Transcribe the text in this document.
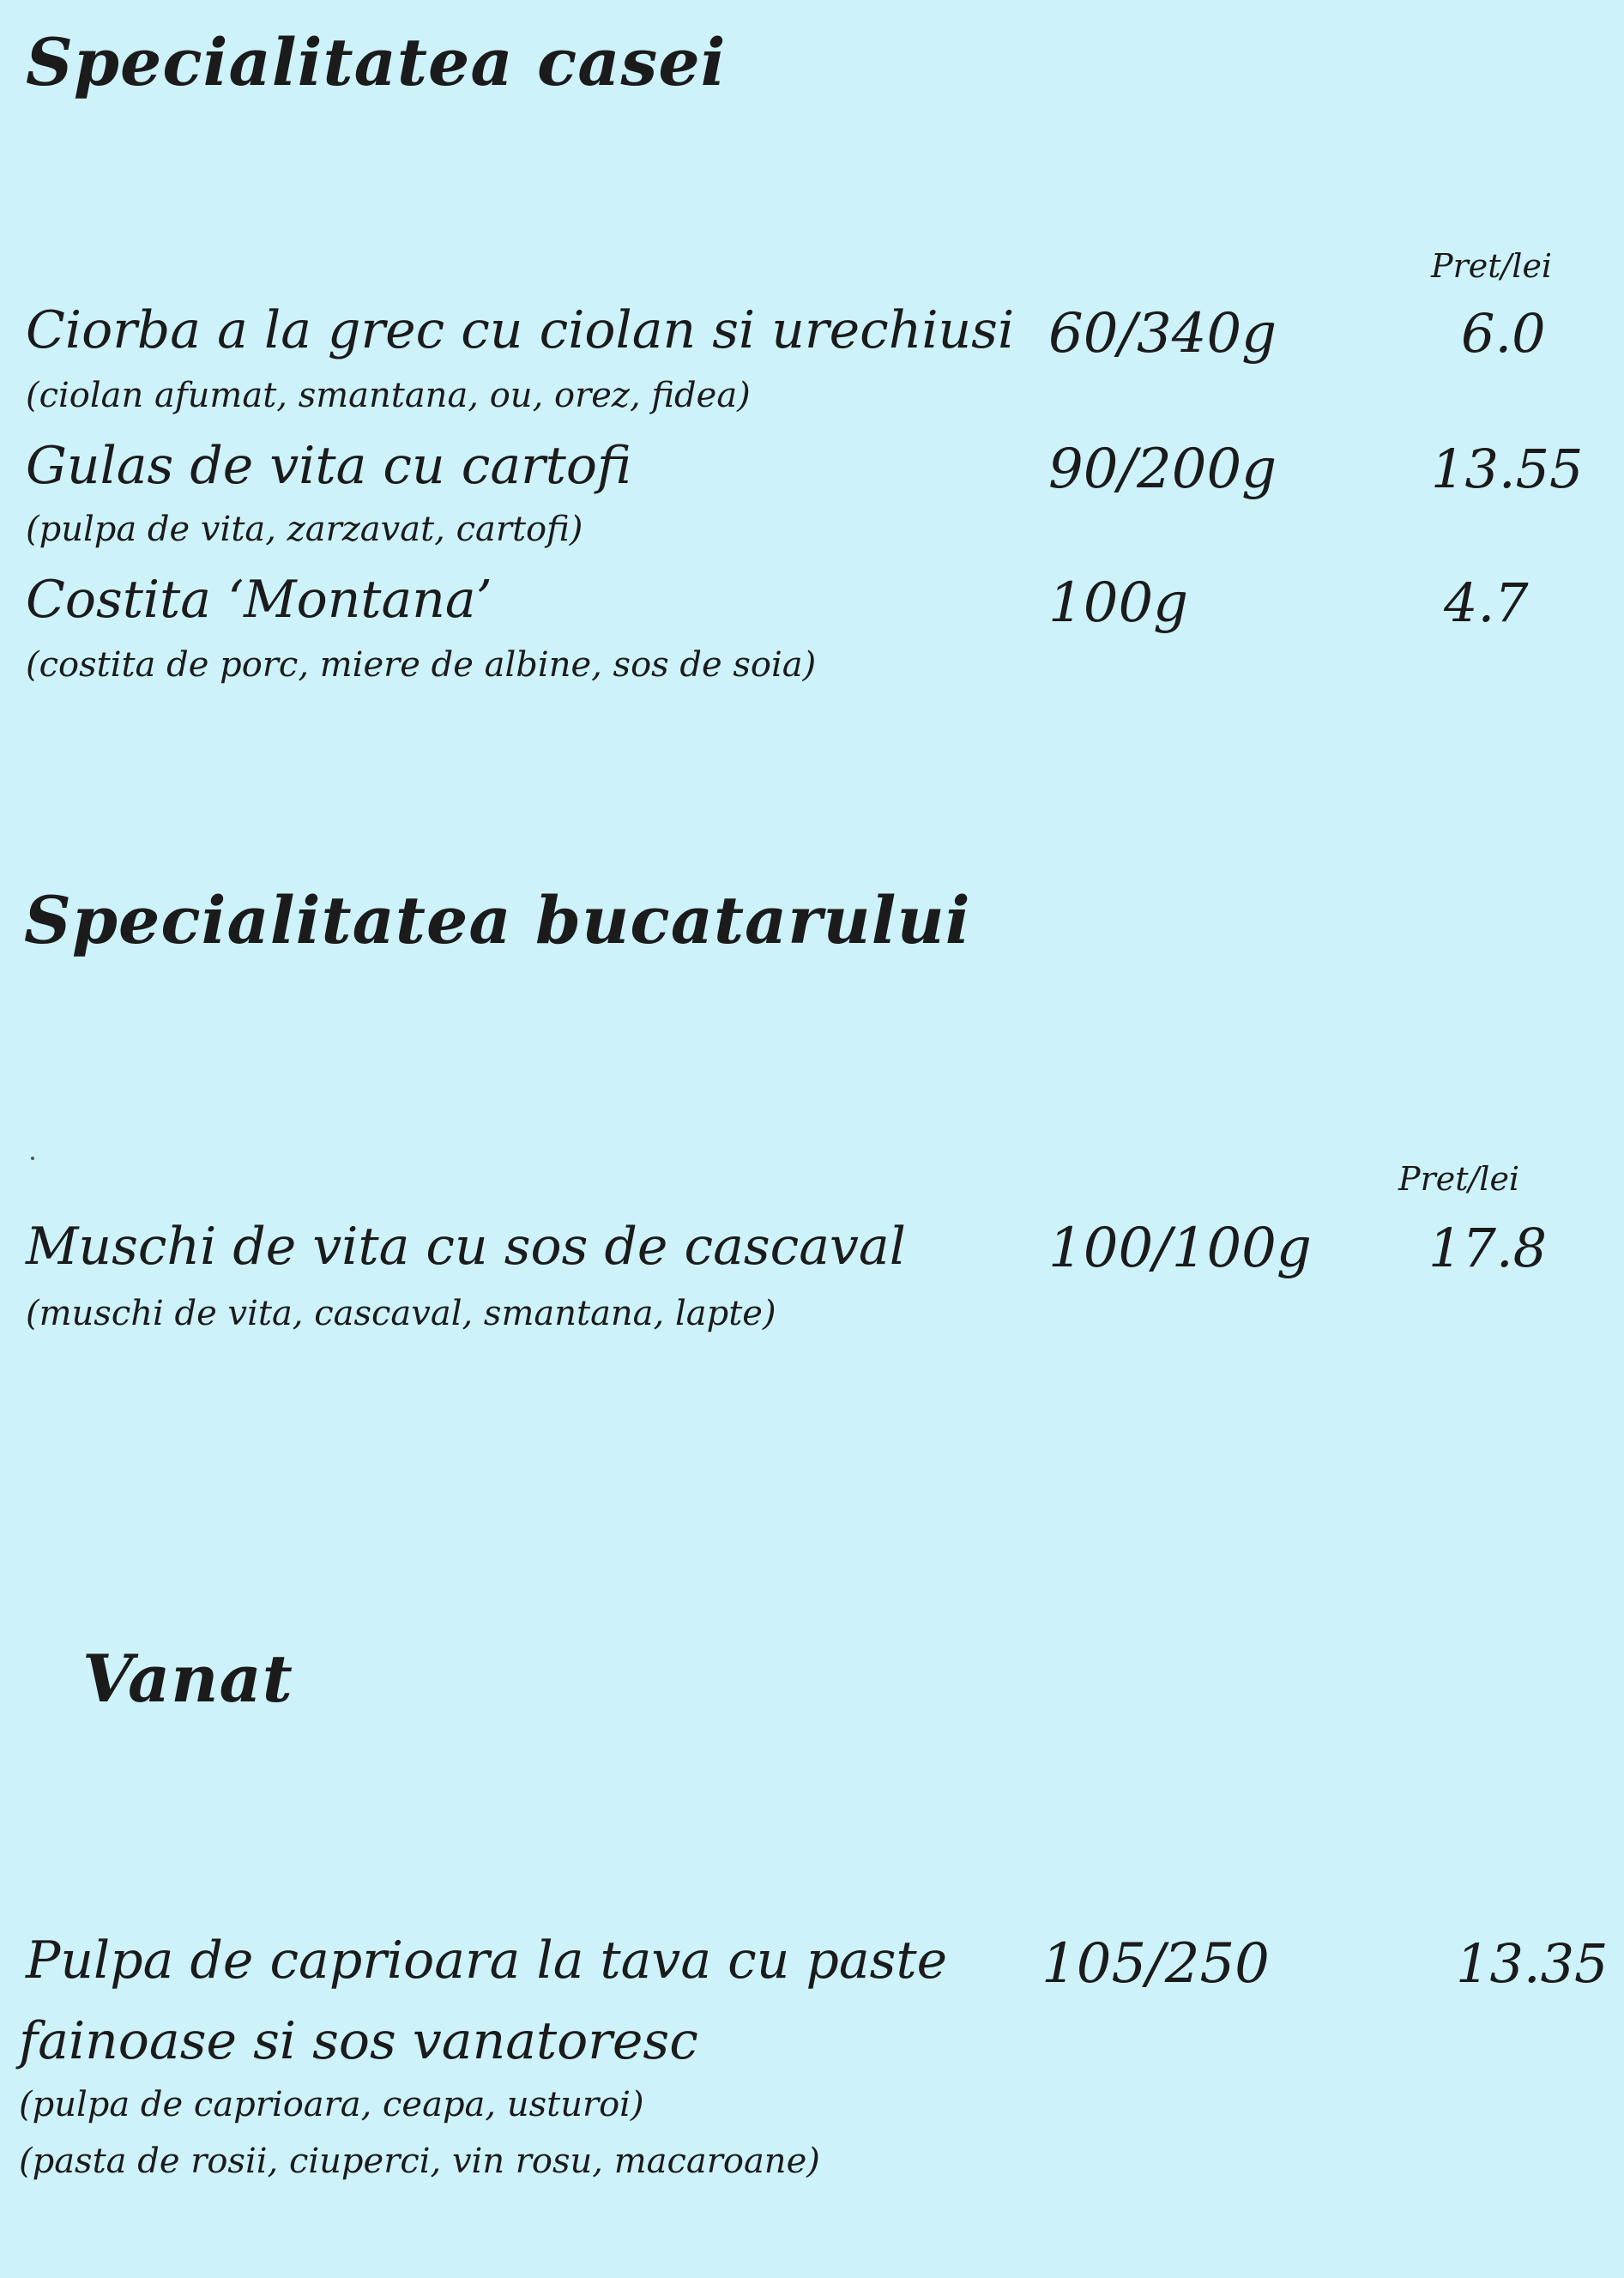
Specialitatea casei
Pret/lei
Ciorba a la grec cu ciolan si urechiusi 60/340g	6.0
(ciolan afumat, smantana, ou, orez, fidea)
Gulas de vita cu cartofi	90/200g	13.55
(pulpa de vita, zarzavat, cartofi)
Costita ‘Montana’	100g	4.7
(costita de porc, miere de albine, sos de soia)
Specialitatea bucatarului
Pret/lei
Muschi de vita cu sos de cascaval	100/100g 17.8
(muschi de vita, cascaval, smantana, lapte)
Vanat
Pulpa de caprioara la tava cu paste 105/250	13.35
fainoase si sos vanatoresc
(pulpa de caprioara, ceapa, usturoi)
(pasta de rosii, ciuperci, vin rosu, macaroane)
